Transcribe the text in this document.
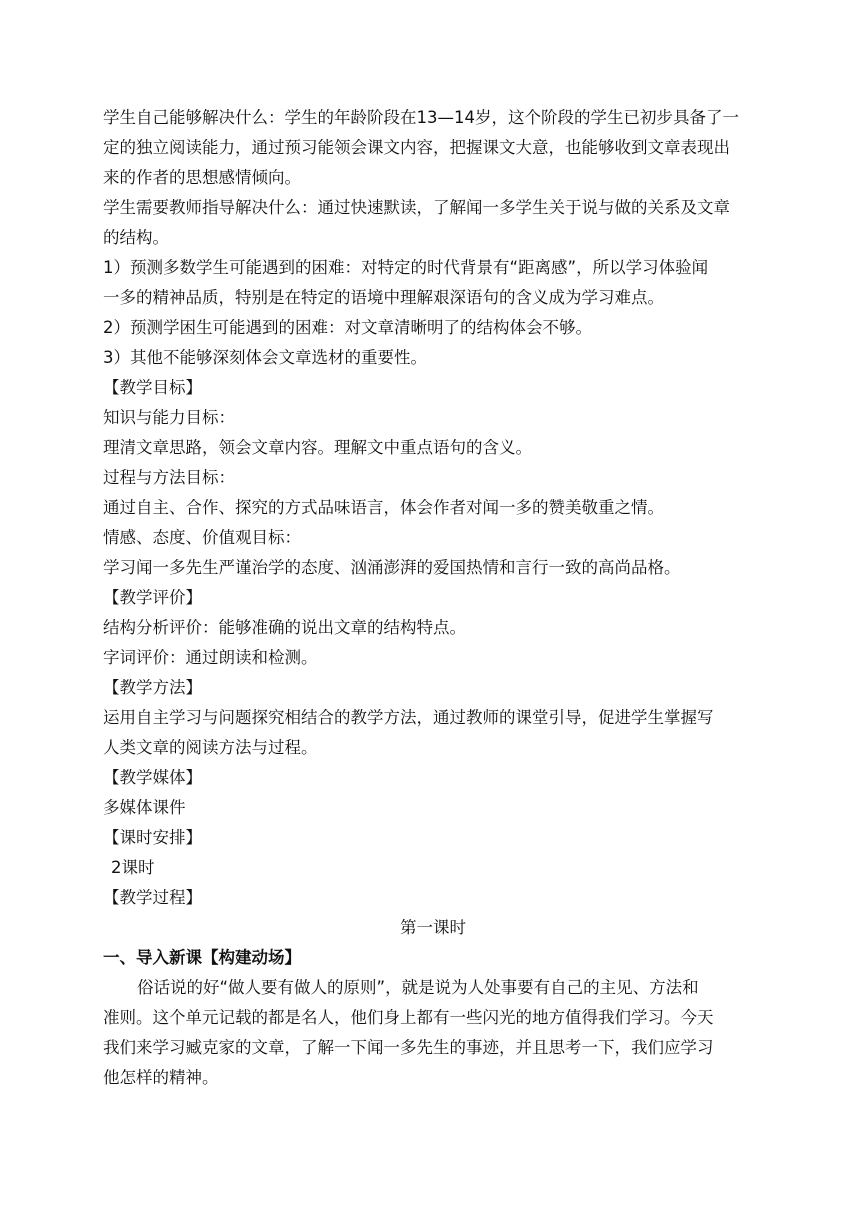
学生自己能够解决什么：学生的年龄阶段在13—14岁，这个阶段的学生已初步具备了一

定的独立阅读能力，通过预习能领会课文内容，把握课文大意，也能够收到文章表现出

来的作者的思想感情倾向。

学生需要教师指导解决什么：通过快速默读，了解闻一多学生关于说与做的关系及文章

的结构。

1）预测多数学生可能遇到的困难：对特定的时代背景有“距离感”，所以学习体验闻

一多的精神品质，特别是在特定的语境中理解艰深语句的含义成为学习难点。

2）预测学困生可能遇到的困难：对文章清晰明了的结构体会不够。

3）其他不能够深刻体会文章选材的重要性。

【教学目标】

知识与能力目标：

理清文章思路，领会文章内容。理解文中重点语句的含义。

过程与方法目标：

通过自主、合作、探究的方式品味语言，体会作者对闻一多的赞美敬重之情。

情感、态度、价值观目标：

学习闻一多先生严谨治学的态度、汹涌澎湃的爱国热情和言行一致的高尚品格。

【教学评价】

结构分析评价：能够准确的说出文章的结构特点。

字词评价：通过朗读和检测。

【教学方法】

运用自主学习与问题探究相结合的教学方法，通过教师的课堂引导，促进学生掌握写

人类文章的阅读方法与过程。

【教学媒体】

多媒体课件

【课时安排】

2课时

【教学过程】

第一课时

一、导入新课【构建动场】

俗话说的好“做人要有做人的原则”，就是说为人处事要有自己的主见、方法和

准则。这个单元记载的都是名人，他们身上都有一些闪光的地方值得我们学习。今天

我们来学习臧克家的文章，了解一下闻一多先生的事迹，并且思考一下，我们应学习

他怎样的精神。
